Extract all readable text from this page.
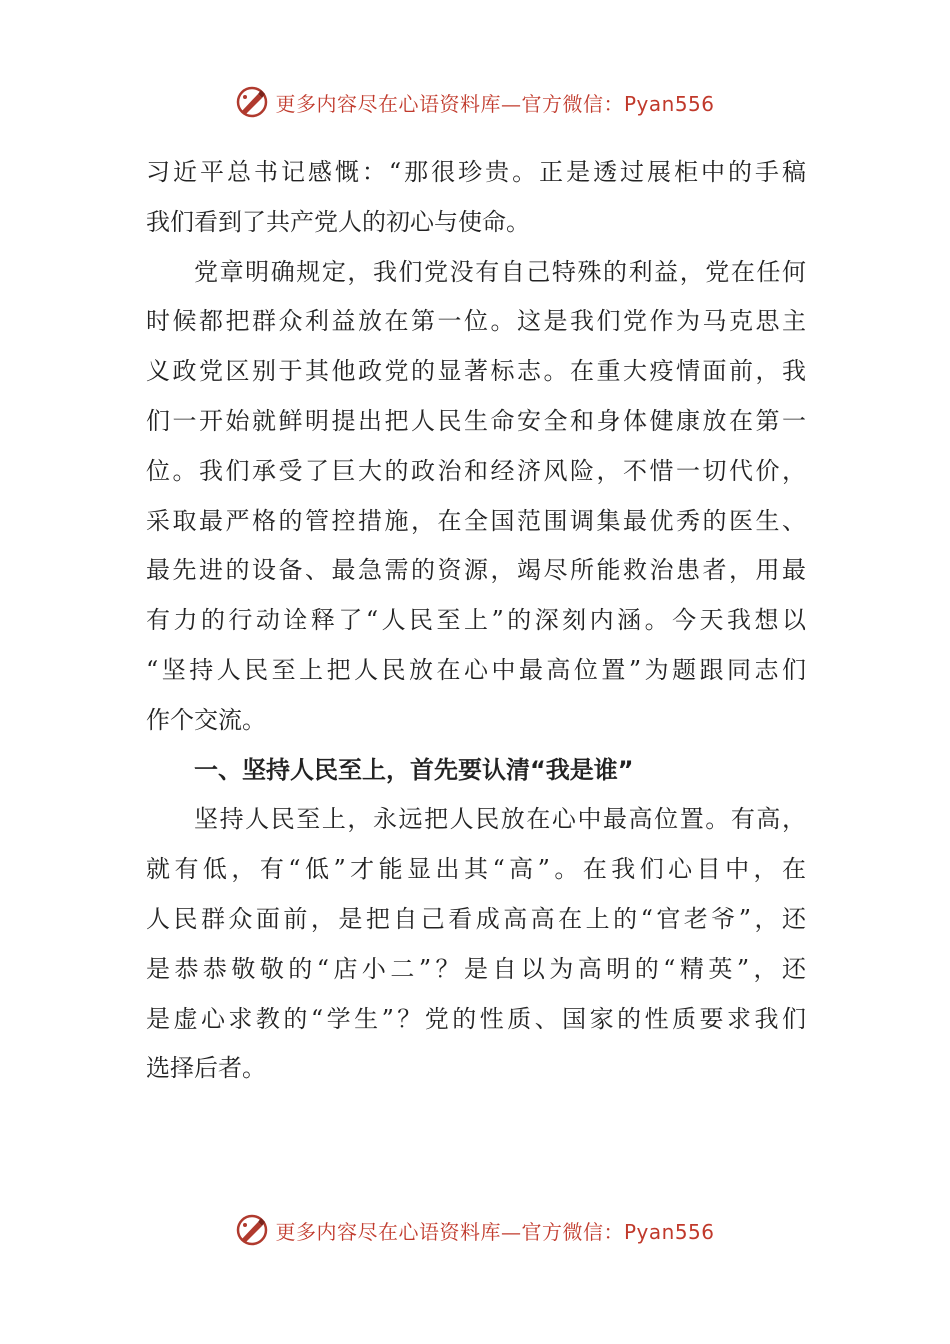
更多内容尽在心语资料库—官方微信：Pyan556
习近平总书记感慨：“那很珍贵。正是透过展柜中的手稿
我们看到了共产党人的初心与使命。
党章明确规定，我们党没有自己特殊的利益，党在任何
时候都把群众利益放在第一位。这是我们党作为马克思主
义政党区别于其他政党的显著标志。在重大疫情面前，我
们一开始就鲜明提出把人民生命安全和身体健康放在第一
位。我们承受了巨大的政治和经济风险，不惜一切代价，
采取最严格的管控措施，在全国范围调集最优秀的医生、
最先进的设备、最急需的资源，竭尽所能救治患者，用最
有力的行动诠释了“人民至上”的深刻内涵。今天我想以
“坚持人民至上把人民放在心中最高位置”为题跟同志们
作个交流。
一、坚持人民至上，首先要认清“我是谁”
坚持人民至上，永远把人民放在心中最高位置。有高，
就有低，有“低”才能显出其“高”。在我们心目中，在
人民群众面前，是把自己看成高高在上的“官老爷”，还
是恭恭敬敬的“店小二”？是自以为高明的“精英”，还
是虚心求教的“学生”？党的性质、国家的性质要求我们
选择后者。
更多内容尽在心语资料库—官方微信：Pyan556
